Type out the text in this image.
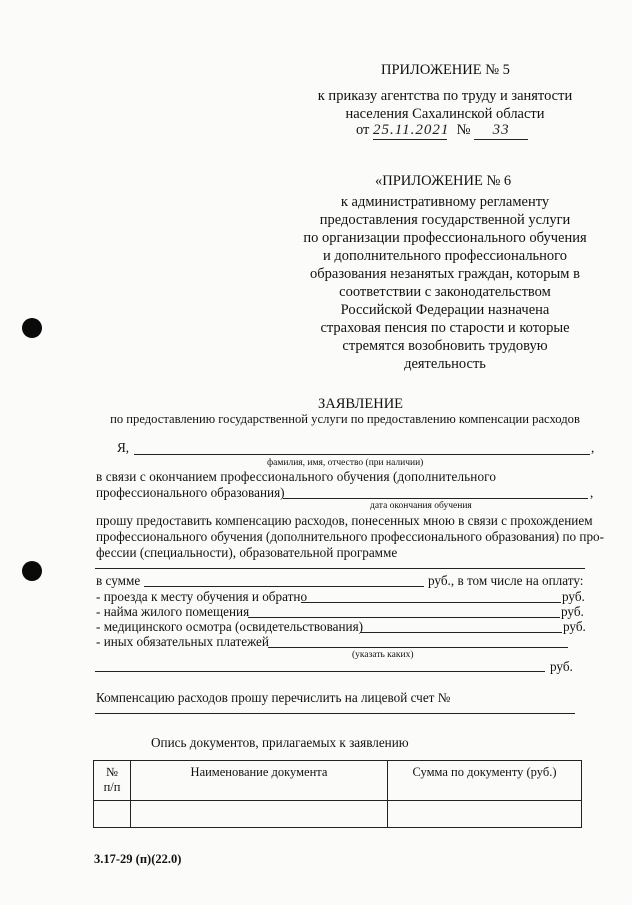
ПРИЛОЖЕНИЕ № 5
к приказу агентства по труду и занятости
населения Сахалинской области
от 25.11.2021 № 33
«ПРИЛОЖЕНИЕ № 6
к административному регламенту
предоставления государственной услуги
по организации профессионального обучения
и дополнительного профессионального
образования незанятых граждан, которым в
соответствии с законодательством
Российской Федерации назначена
страховая пенсия по старости и которые
стремятся возобновить трудовую
деятельность
ЗАЯВЛЕНИЕ
по предоставлению государственной услуги по предоставлению компенсации расходов
Я,	,
фамилия, имя, отчество (при наличии)
в связи с окончанием профессионального обучения (дополнительного
профессионального образования)	,
дата окончания обучения
прошу предоставить компенсацию расходов, понесенных мною в связи с прохождением
профессионального обучения (дополнительного профессионального образования) по про-
фессии (специальности), образовательной программе
в сумме	руб., в том числе на оплату:
- проезда к месту обучения и обратно	руб.
- найма жилого помещения	руб.
- медицинского осмотра (освидетельствования)	руб.
- иных обязательных платежей
(указать каких)
руб.
Компенсацию расходов прошу перечислить на лицевой счет №
Опись документов, прилагаемых к заявлению
№
п/п	Наименование документа	Сумма по документу (руб.)

3.17-29 (п)(22.0)
